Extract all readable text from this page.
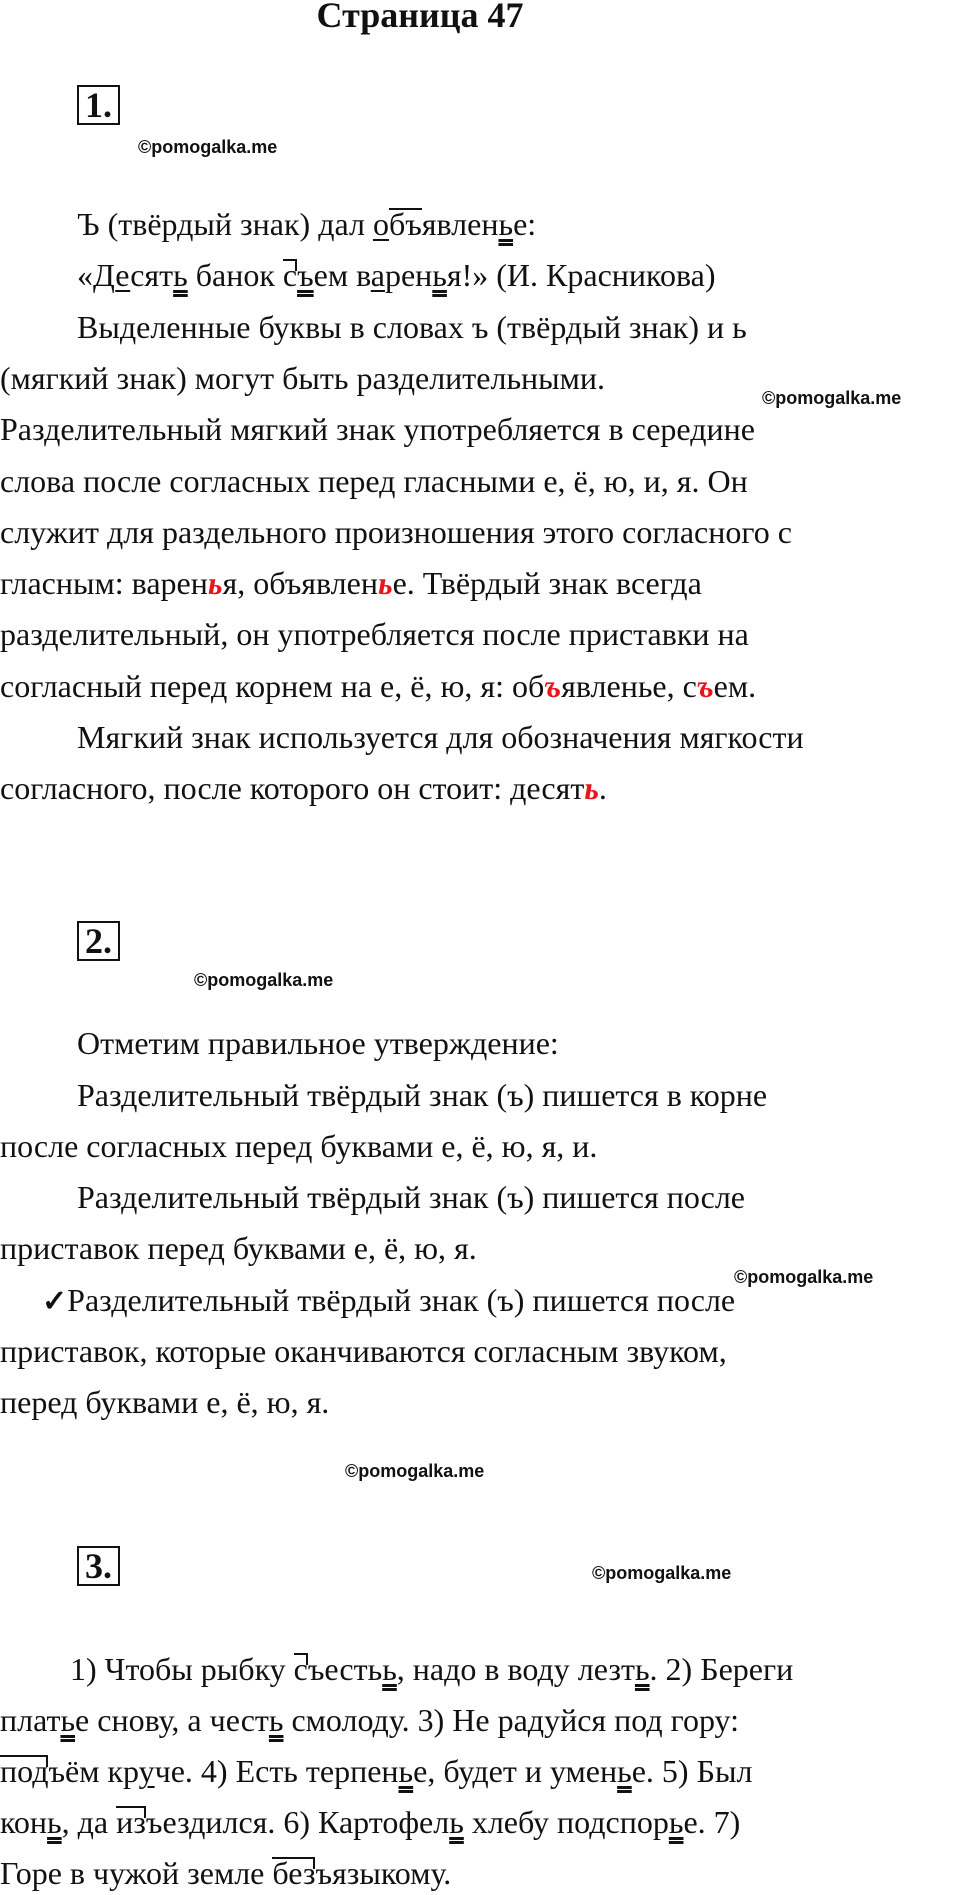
Страница 47
1.
©pomogalka.me
Ъ (твёрдый знак) дал объявленье:
«Десять банок съем варенья!» (И. Красникова)
Выделенные буквы в словах ъ (твёрдый знак) и ь
(мягкий знак) могут быть разделительными.
©pomogalka.me
Разделительный мягкий знак употребляется в середине
слова после согласных перед гласными е, ё, ю, и, я. Он
служит для раздельного произношения этого согласного с
гласным: варенья, объявленье. Твёрдый знак всегда
разделительный, он употребляется после приставки на
согласный перед корнем на е, ё, ю, я: объявленье, съем.
Мягкий знак используется для обозначения мягкости
согласного, после которого он стоит: десять.
2.
©pomogalka.me
Отметим правильное утверждение:
Разделительный твёрдый знак (ъ) пишется в корне
после согласных перед буквами е, ё, ю, я, и.
Разделительный твёрдый знак (ъ) пишется после
приставок перед буквами е, ё, ю, я.
©pomogalka.me
✓Разделительный твёрдый знак (ъ) пишется после
приставок, которые оканчиваются согласным звуком,
перед буквами е, ё, ю, я.
©pomogalka.me
3.	©pomogalka.me
1) Чтобы рыбку съестьь, надо в воду лезть. 2) Береги
платье снову, а честь смолоду. 3) Не радуйся под гору:
подъём круче. 4) Есть терпенье, будет и уменье. 5) Был
конь, да изъездился. 6) Картофель хлебу подспорье. 7)
Горе в чужой земле безъязыкому.
